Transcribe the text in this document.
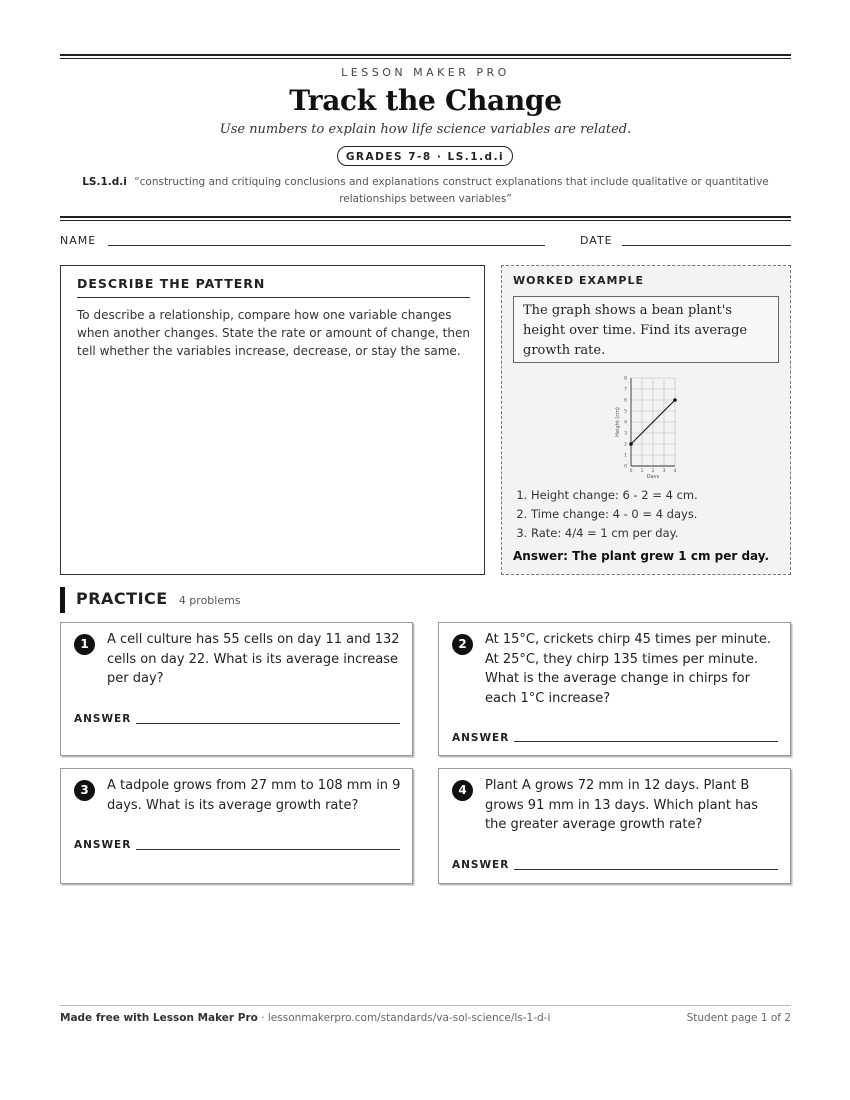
LESSON MAKER PRO
Track the Change
Use numbers to explain how life science variables are related.
GRADES 7-8 · LS.1.d.i
LS.1.d.i “constructing and critiquing conclusions and explanations construct explanations that include qualitative or quantitative relationships between variables”
NAME	DATE
DESCRIBE THE PATTERN

To describe a relationship, compare how one variable changes when another changes. State the rate or amount of change, then tell whether the variables increase, decrease, or stay the same.

WORKED EXAMPLE
The graph shows a bean plant's height over time. Find its average growth rate.
0
1
2
3
4
5
6
7
8
0 1 2 3 4
Days
Height (cm)
1. Height change: 6 - 2 = 4 cm.
2. Time change: 4 - 0 = 4 days.
3. Rate: 4/4 = 1 cm per day.
Answer: The plant grew 1 cm per day.
PRACTICE 4 problems
1	A cell culture has 55 cells on day 11 and 132 cells on day 22. What is its average increase per day?
ANSWER
2	At 15°C, crickets chirp 45 times per minute. At 25°C, they chirp 135 times per minute. What is the average change in chirps for each 1°C increase?
ANSWER
3	A tadpole grows from 27 mm to 108 mm in 9 days. What is its average growth rate?
ANSWER
4	Plant A grows 72 mm in 12 days. Plant B grows 91 mm in 13 days. Which plant has the greater average growth rate?
ANSWER
Made free with Lesson Maker Pro · lessonmakerpro.com/standards/va-sol-science/ls-1-d-i	Student page 1 of 2
